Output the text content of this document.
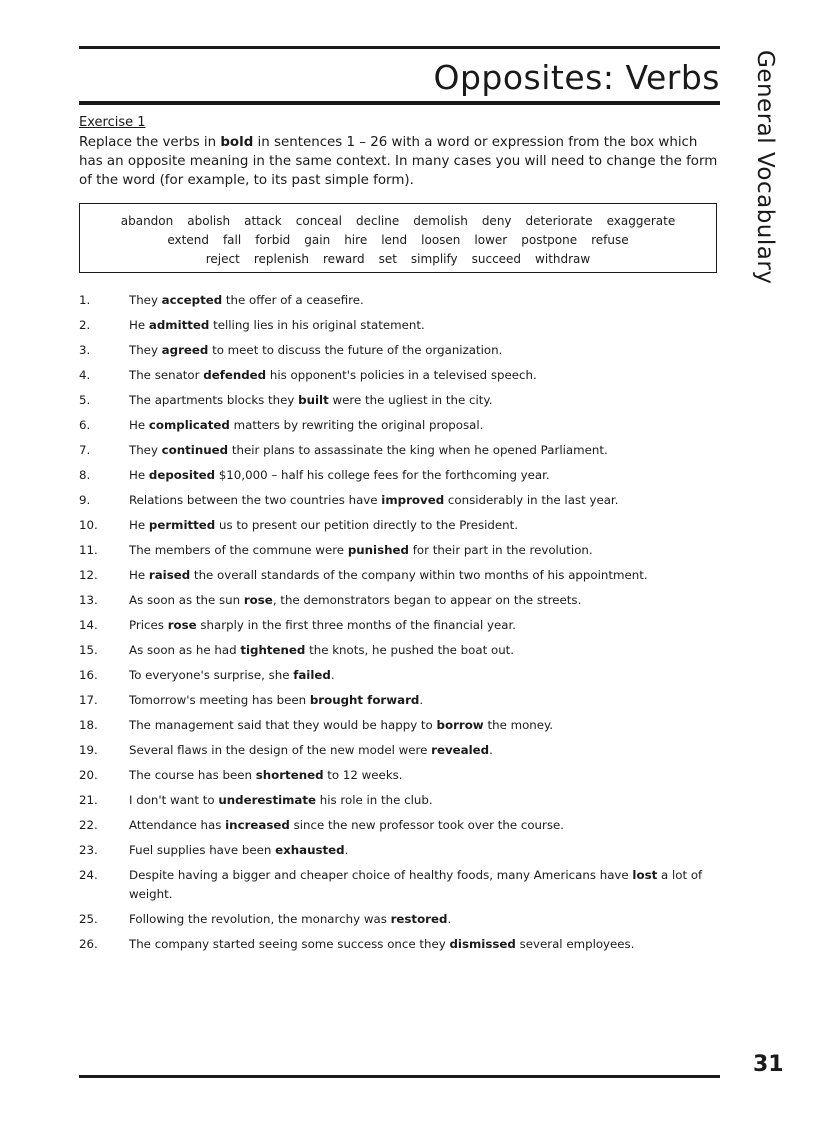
Opposites: Verbs General Vocabulary
Exercise 1
Replace the verbs in bold in sentences 1 – 26 with a word or expression from the box which has an opposite meaning in the same context. In many cases you will need to change the form of the word (for example, to its past simple form).
abandon abolish attack conceal decline demolish deny deteriorate exaggerate
extend fall forbid gain hire lend loosen lower postpone refuse
reject replenish reward set simplify succeed withdraw
1.	They accepted the offer of a ceasefire.
2.	He admitted telling lies in his original statement.
3.	They agreed to meet to discuss the future of the organization.
4.	The senator defended his opponent's policies in a televised speech.
5.	The apartments blocks they built were the ugliest in the city.
6.	He complicated matters by rewriting the original proposal.
7.	They continued their plans to assassinate the king when he opened Parliament.
8.	He deposited $10,000 – half his college fees for the forthcoming year.
9.	Relations between the two countries have improved considerably in the last year.
10.	He permitted us to present our petition directly to the President.
11.	The members of the commune were punished for their part in the revolution.
12.	He raised the overall standards of the company within two months of his appointment.
13.	As soon as the sun rose, the demonstrators began to appear on the streets.
14.	Prices rose sharply in the first three months of the financial year.
15.	As soon as he had tightened the knots, he pushed the boat out.
16.	To everyone's surprise, she failed.
17.	Tomorrow's meeting has been brought forward.
18.	The management said that they would be happy to borrow the money.
19.	Several flaws in the design of the new model were revealed.
20.	The course has been shortened to 12 weeks.
21.	I don't want to underestimate his role in the club.
22.	Attendance has increased since the new professor took over the course.
23.	Fuel supplies have been exhausted.
24.	Despite having a bigger and cheaper choice of healthy foods, many Americans have lost a lot of weight.
25.	Following the revolution, the monarchy was restored.
26.	The company started seeing some success once they dismissed several employees.
31
